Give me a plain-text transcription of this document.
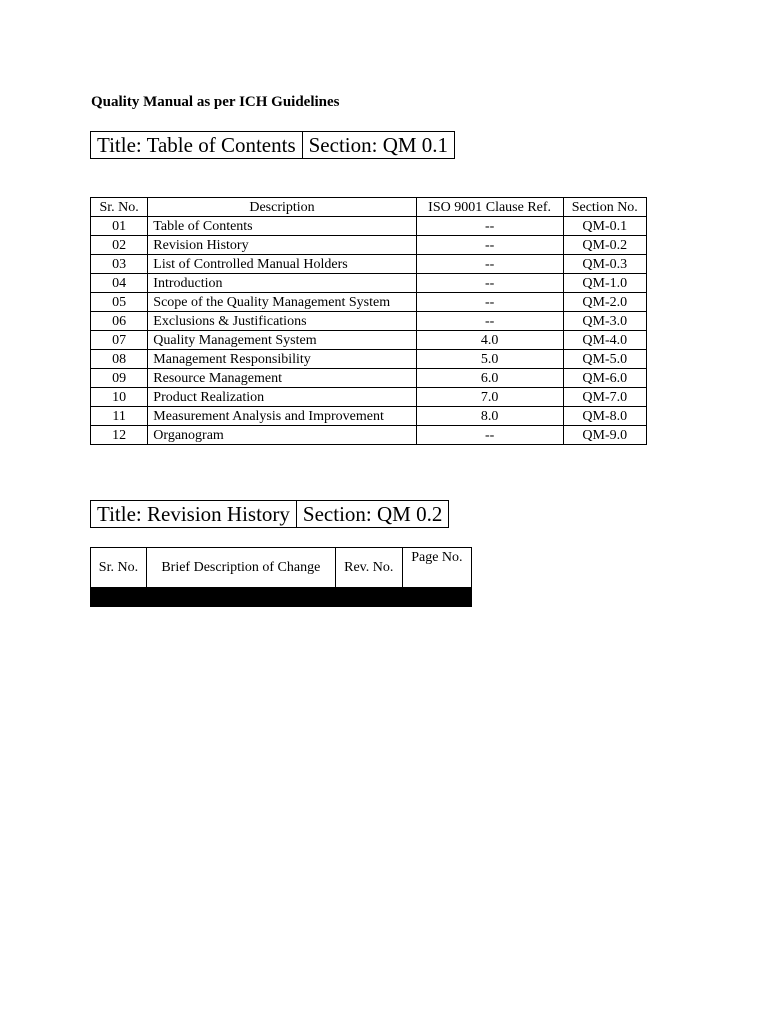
Quality Manual as per ICH Guidelines
Title: Table of Contents Section: QM 0.1
Sr. No.	Description	ISO 9001 Clause Ref.	Section No.
01	Table of Contents	--	QM-0.1
02	Revision History	--	QM-0.2
03	List of Controlled Manual Holders	--	QM-0.3
04	Introduction	--	QM-1.0
05	Scope of the Quality Management System	--	QM-2.0
06	Exclusions & Justifications	--	QM-3.0
07	Quality Management System	4.0	QM-4.0
08	Management Responsibility	5.0	QM-5.0
09	Resource Management	6.0	QM-6.0
10	Product Realization	7.0	QM-7.0
11	Measurement Analysis and Improvement	8.0	QM-8.0
12	Organogram	--	QM-9.0
Title: Revision History Section: QM 0.2
Sr. No.	Brief Description of Change	Rev. No.	Page No.
